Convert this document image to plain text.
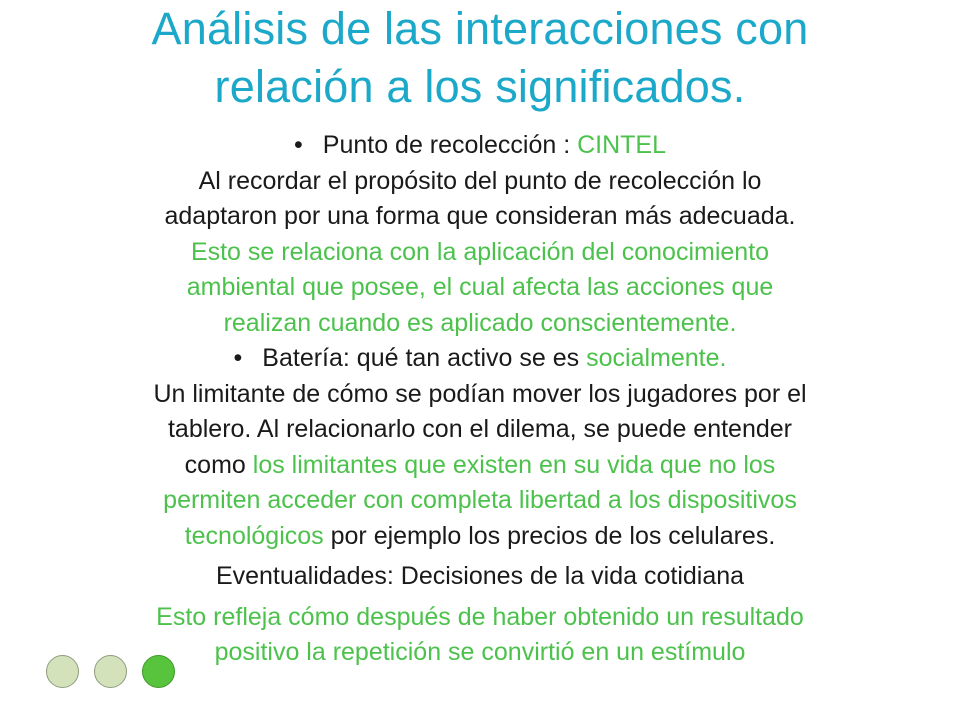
Análisis de las interacciones con
relación a los significados.

• Punto de recolección : CINTEL

Al recordar el propósito del punto de recolección lo
adaptaron por una forma que consideran más adecuada.
Esto se relaciona con la aplicación del conocimiento
ambiental que posee, el cual afecta las acciones que
realizan cuando es aplicado conscientemente.

• Batería: qué tan activo se es socialmente.

Un limitante de cómo se podían mover los jugadores por el
tablero. Al relacionarlo con el dilema, se puede entender
como los limitantes que existen en su vida que no los
permiten acceder con completa libertad a los dispositivos
tecnológicos por ejemplo los precios de los celulares.

Eventualidades: Decisiones de la vida cotidiana

Esto refleja cómo después de haber obtenido un resultado
positivo la repetición se convirtió en un estímulo
